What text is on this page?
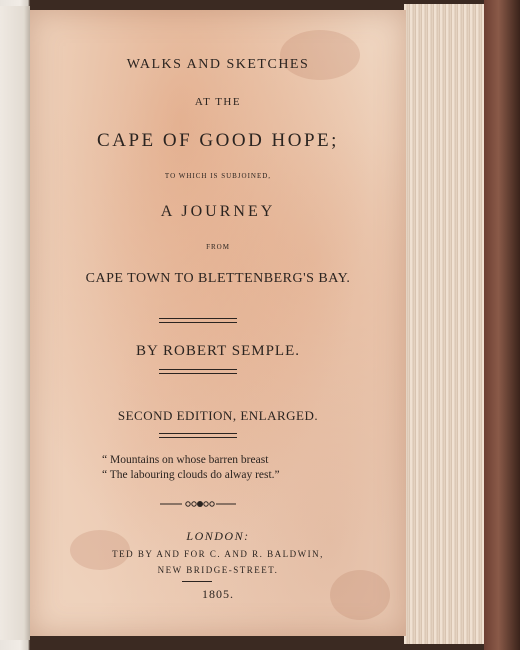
WALKS AND SKETCHES
AT THE
CAPE OF GOOD HOPE;
TO WHICH IS SUBJOINED,
A JOURNEY
FROM
CAPE TOWN TO BLETTENBERG'S BAY.
BY ROBERT SEMPLE.
SECOND EDITION, ENLARGED.
“ Mountains on whose barren breast
“ The labouring clouds do alway rest.”
LONDON:
TED BY AND FOR C. AND R. BALDWIN,
NEW BRIDGE-STREET.
1805.
